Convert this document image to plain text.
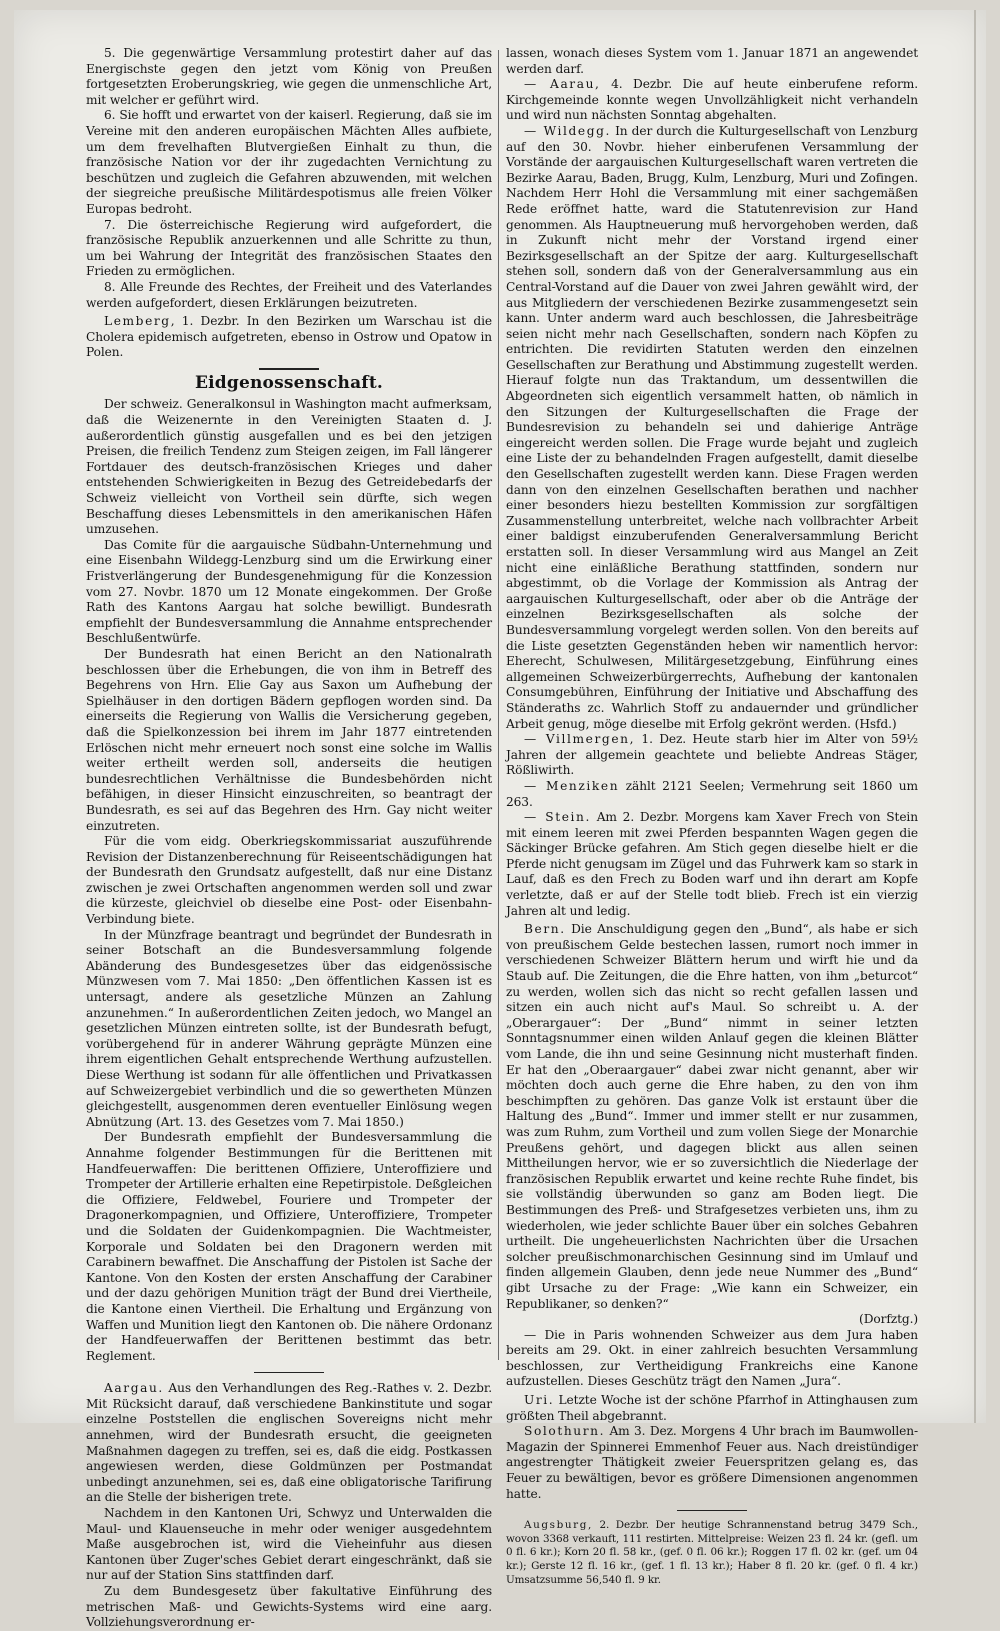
5. Die gegenwärtige Versammlung protestirt daher auf das Energischste gegen den jetzt vom König von Preußen fortgesetzten Eroberungskrieg, wie gegen die unmenschliche Art, mit welcher er geführt wird.

6. Sie hofft und erwartet von der kaiserl. Regierung, daß sie im Vereine mit den anderen europäischen Mächten Alles aufbiete, um dem frevelhaften Blutvergießen Einhalt zu thun, die französische Nation vor der ihr zugedachten Vernichtung zu beschützen und zugleich die Gefahren abzuwenden, mit welchen der siegreiche preußische Militärdespotismus alle freien Völker Europas bedroht.

7. Die österreichische Regierung wird aufgefordert, die französische Republik anzuerkennen und alle Schritte zu thun, um bei Wahrung der Integrität des französischen Staates den Frieden zu ermöglichen.

8. Alle Freunde des Rechtes, der Freiheit und des Vaterlandes werden aufgefordert, diesen Erklärungen beizutreten.

Lemberg, 1. Dezbr. In den Bezirken um Warschau ist die Cholera epidemisch aufgetreten, ebenso in Ostrow und Opatow in Polen.

Eidgenossenschaft.

Der schweiz. Generalkonsul in Washington macht aufmerksam, daß die Weizenernte in den Vereinigten Staaten d. J. außerordentlich günstig ausgefallen und es bei den jetzigen Preisen, die freilich Tendenz zum Steigen zeigen, im Fall längerer Fortdauer des deutsch-französischen Krieges und daher entstehenden Schwierigkeiten in Bezug des Getreidebedarfs der Schweiz vielleicht von Vortheil sein dürfte, sich wegen Beschaffung dieses Lebensmittels in den amerikanischen Häfen umzusehen.

Das Comite für die aargauische Südbahn-Unternehmung und eine Eisenbahn Wildegg-Lenzburg sind um die Erwirkung einer Fristverlängerung der Bundesgenehmigung für die Konzession vom 27. Novbr. 1870 um 12 Monate eingekommen. Der Große Rath des Kantons Aargau hat solche bewilligt. Bundesrath empfiehlt der Bundesversammlung die Annahme entsprechender Beschlußentwürfe.

Der Bundesrath hat einen Bericht an den Nationalrath beschlossen über die Erhebungen, die von ihm in Betreff des Begehrens von Hrn. Elie Gay aus Saxon um Aufhebung der Spielhäuser in den dortigen Bädern gepflogen worden sind. Da einerseits die Regierung von Wallis die Versicherung gegeben, daß die Spielkonzession bei ihrem im Jahr 1877 eintretenden Erlöschen nicht mehr erneuert noch sonst eine solche im Wallis weiter ertheilt werden soll, anderseits die heutigen bundesrechtlichen Verhältnisse die Bundesbehörden nicht befähigen, in dieser Hinsicht einzuschreiten, so beantragt der Bundesrath, es sei auf das Begehren des Hrn. Gay nicht weiter einzutreten.

Für die vom eidg. Oberkriegskommissariat auszuführende Revision der Distanzenberechnung für Reiseentschädigungen hat der Bundesrath den Grundsatz aufgestellt, daß nur eine Distanz zwischen je zwei Ortschaften angenommen werden soll und zwar die kürzeste, gleichviel ob dieselbe eine Post- oder Eisenbahn-Verbindung biete.

In der Münzfrage beantragt und begründet der Bundesrath in seiner Botschaft an die Bundesversammlung folgende Abänderung des Bundesgesetzes über das eidgenössische Münzwesen vom 7. Mai 1850: „Den öffentlichen Kassen ist es untersagt, andere als gesetzliche Münzen an Zahlung anzunehmen.“ In außerordentlichen Zeiten jedoch, wo Mangel an gesetzlichen Münzen eintreten sollte, ist der Bundesrath befugt, vorübergehend für in anderer Währung geprägte Münzen eine ihrem eigentlichen Gehalt entsprechende Werthung aufzustellen. Diese Werthung ist sodann für alle öffentlichen und Privatkassen auf Schweizergebiet verbindlich und die so gewertheten Münzen gleichgestellt, ausgenommen deren eventueller Einlösung wegen Abnützung (Art. 13. des Gesetzes vom 7. Mai 1850.)

Der Bundesrath empfiehlt der Bundesversammlung die Annahme folgender Bestimmungen für die Berittenen mit Handfeuerwaffen: Die berittenen Offiziere, Unteroffiziere und Trompeter der Artillerie erhalten eine Repetirpistole. Deßgleichen die Offiziere, Feldwebel, Fouriere und Trompeter der Dragonerkompagnien, und Offiziere, Unteroffiziere, Trompeter und die Soldaten der Guidenkompagnien. Die Wachtmeister, Korporale und Soldaten bei den Dragonern werden mit Carabinern bewaffnet. Die Anschaffung der Pistolen ist Sache der Kantone. Von den Kosten der ersten Anschaffung der Carabiner und der dazu gehörigen Munition trägt der Bund drei Viertheile, die Kantone einen Viertheil. Die Erhaltung und Ergänzung von Waffen und Munition liegt den Kantonen ob. Die nähere Ordonanz der Handfeuerwaffen der Berittenen bestimmt das betr. Reglement.

Aargau. Aus den Verhandlungen des Reg.-Rathes v. 2. Dezbr. Mit Rücksicht darauf, daß verschiedene Bankinstitute und sogar einzelne Poststellen die englischen Sovereigns nicht mehr annehmen, wird der Bundesrath ersucht, die geeigneten Maßnahmen dagegen zu treffen, sei es, daß die eidg. Postkassen angewiesen werden, diese Goldmünzen per Postmandat unbedingt anzunehmen, sei es, daß eine obligatorische Tarifirung an die Stelle der bisherigen trete.

Nachdem in den Kantonen Uri, Schwyz und Unterwalden die Maul- und Klauenseuche in mehr oder weniger ausgedehntem Maße ausgebrochen ist, wird die Vieheinfuhr aus diesen Kantonen über Zuger'sches Gebiet derart eingeschränkt, daß sie nur auf der Station Sins stattfinden darf.

Zu dem Bundesgesetz über fakultative Einführung des metrischen Maß- und Gewichts-Systems wird eine aarg. Vollziehungsverordnung er-

lassen, wonach dieses System vom 1. Januar 1871 an angewendet werden darf.

— Aarau, 4. Dezbr. Die auf heute einberufene reform. Kirchgemeinde konnte wegen Unvollzähligkeit nicht verhandeln und wird nun nächsten Sonntag abgehalten.

— Wildegg. In der durch die Kulturgesellschaft von Lenzburg auf den 30. Novbr. hieher einberufenen Versammlung der Vorstände der aargauischen Kulturgesellschaft waren vertreten die Bezirke Aarau, Baden, Brugg, Kulm, Lenzburg, Muri und Zofingen. Nachdem Herr Hohl die Versammlung mit einer sachgemäßen Rede eröffnet hatte, ward die Statutenrevision zur Hand genommen. Als Hauptneuerung muß hervorgehoben werden, daß in Zukunft nicht mehr der Vorstand irgend einer Bezirksgesellschaft an der Spitze der aarg. Kulturgesellschaft stehen soll, sondern daß von der Generalversammlung aus ein Central-Vorstand auf die Dauer von zwei Jahren gewählt wird, der aus Mitgliedern der verschiedenen Bezirke zusammengesetzt sein kann. Unter anderm ward auch beschlossen, die Jahresbeiträge seien nicht mehr nach Gesellschaften, sondern nach Köpfen zu entrichten. Die revidirten Statuten werden den einzelnen Gesellschaften zur Berathung und Abstimmung zugestellt werden. Hierauf folgte nun das Traktandum, um dessentwillen die Abgeordneten sich eigentlich versammelt hatten, ob nämlich in den Sitzungen der Kulturgesellschaften die Frage der Bundesrevision zu behandeln sei und dahierige Anträge eingereicht werden sollen. Die Frage wurde bejaht und zugleich eine Liste der zu behandelnden Fragen aufgestellt, damit dieselbe den Gesellschaften zugestellt werden kann. Diese Fragen werden dann von den einzelnen Gesellschaften berathen und nachher einer besonders hiezu bestellten Kommission zur sorgfältigen Zusammenstellung unterbreitet, welche nach vollbrachter Arbeit einer baldigst einzuberufenden Generalversammlung Bericht erstatten soll. In dieser Versammlung wird aus Mangel an Zeit nicht eine einläßliche Berathung stattfinden, sondern nur abgestimmt, ob die Vorlage der Kommission als Antrag der aargauischen Kulturgesellschaft, oder aber ob die Anträge der einzelnen Bezirksgesellschaften als solche der Bundesversammlung vorgelegt werden sollen. Von den bereits auf die Liste gesetzten Gegenständen heben wir namentlich hervor: Eherecht, Schulwesen, Militärgesetzgebung, Einführung eines allgemeinen Schweizerbürgerrechts, Aufhebung der kantonalen Consumgebühren, Einführung der Initiative und Abschaffung des Ständeraths zc. Wahrlich Stoff zu andauernder und gründlicher Arbeit genug, möge dieselbe mit Erfolg gekrönt werden. (Hsfd.)

— Villmergen, 1. Dez. Heute starb hier im Alter von 59½ Jahren der allgemein geachtete und beliebte Andreas Stäger, Rößliwirth.

— Menziken zählt 2121 Seelen; Vermehrung seit 1860 um 263.

— Stein. Am 2. Dezbr. Morgens kam Xaver Frech von Stein mit einem leeren mit zwei Pferden bespannten Wagen gegen die Säckinger Brücke gefahren. Am Stich gegen dieselbe hielt er die Pferde nicht genugsam im Zügel und das Fuhrwerk kam so stark in Lauf, daß es den Frech zu Boden warf und ihn derart am Kopfe verletzte, daß er auf der Stelle todt blieb. Frech ist ein vierzig Jahren alt und ledig.

Bern. Die Anschuldigung gegen den „Bund“, als habe er sich von preußischem Gelde bestechen lassen, rumort noch immer in verschiedenen Schweizer Blättern herum und wirft hie und da Staub auf. Die Zeitungen, die die Ehre hatten, von ihm „beturcot“ zu werden, wollen sich das nicht so recht gefallen lassen und sitzen ein auch nicht auf's Maul. So schreibt u. A. der „Oberargauer“: Der „Bund“ nimmt in seiner letzten Sonntagsnummer einen wilden Anlauf gegen die kleinen Blätter vom Lande, die ihn und seine Gesinnung nicht musterhaft finden. Er hat den „Oberaargauer“ dabei zwar nicht genannt, aber wir möchten doch auch gerne die Ehre haben, zu den von ihm beschimpften zu gehören. Das ganze Volk ist erstaunt über die Haltung des „Bund“. Immer und immer stellt er nur zusammen, was zum Ruhm, zum Vortheil und zum vollen Siege der Monarchie Preußens gehört, und dagegen blickt aus allen seinen Mittheilungen hervor, wie er so zuversichtlich die Niederlage der französischen Republik erwartet und keine rechte Ruhe findet, bis sie vollständig überwunden so ganz am Boden liegt. Die Bestimmungen des Preß- und Strafgesetzes verbieten uns, ihm zu wiederholen, wie jeder schlichte Bauer über ein solches Gebahren urtheilt. Die ungeheuerlichsten Nachrichten über die Ursachen solcher preußischmonarchischen Gesinnung sind im Umlauf und finden allgemein Glauben, denn jede neue Nummer des „Bund“ gibt Ursache zu der Frage: „Wie kann ein Schweizer, ein Republikaner, so denken?“

(Dorfztg.)

— Die in Paris wohnenden Schweizer aus dem Jura haben bereits am 29. Okt. in einer zahlreich besuchten Versammlung beschlossen, zur Vertheidigung Frankreichs eine Kanone aufzustellen. Dieses Geschütz trägt den Namen „Jura“.

Uri. Letzte Woche ist der schöne Pfarrhof in Attinghausen zum größten Theil abgebrannt.

Solothurn. Am 3. Dez. Morgens 4 Uhr brach im Baumwollen-Magazin der Spinnerei Emmenhof Feuer aus. Nach dreistündiger angestrengter Thätigkeit zweier Feuerspritzen gelang es, das Feuer zu bewältigen, bevor es größere Dimensionen angenommen hatte.

Augsburg, 2. Dezbr. Der heutige Schrannenstand betrug 3479 Sch., wovon 3368 verkauft, 111 restirten. Mittelpreise: Weizen 23 fl. 24 kr. (gefl. um 0 fl. 6 kr.); Korn 20 fl. 58 kr., (gef. 0 fl. 06 kr.); Roggen 17 fl. 02 kr. (gef. um 04 kr.); Gerste 12 fl. 16 kr., (gef. 1 fl. 13 kr.); Haber 8 fl. 20 kr. (gef. 0 fl. 4 kr.) Umsatzsumme 56,540 fl. 9 kr.
